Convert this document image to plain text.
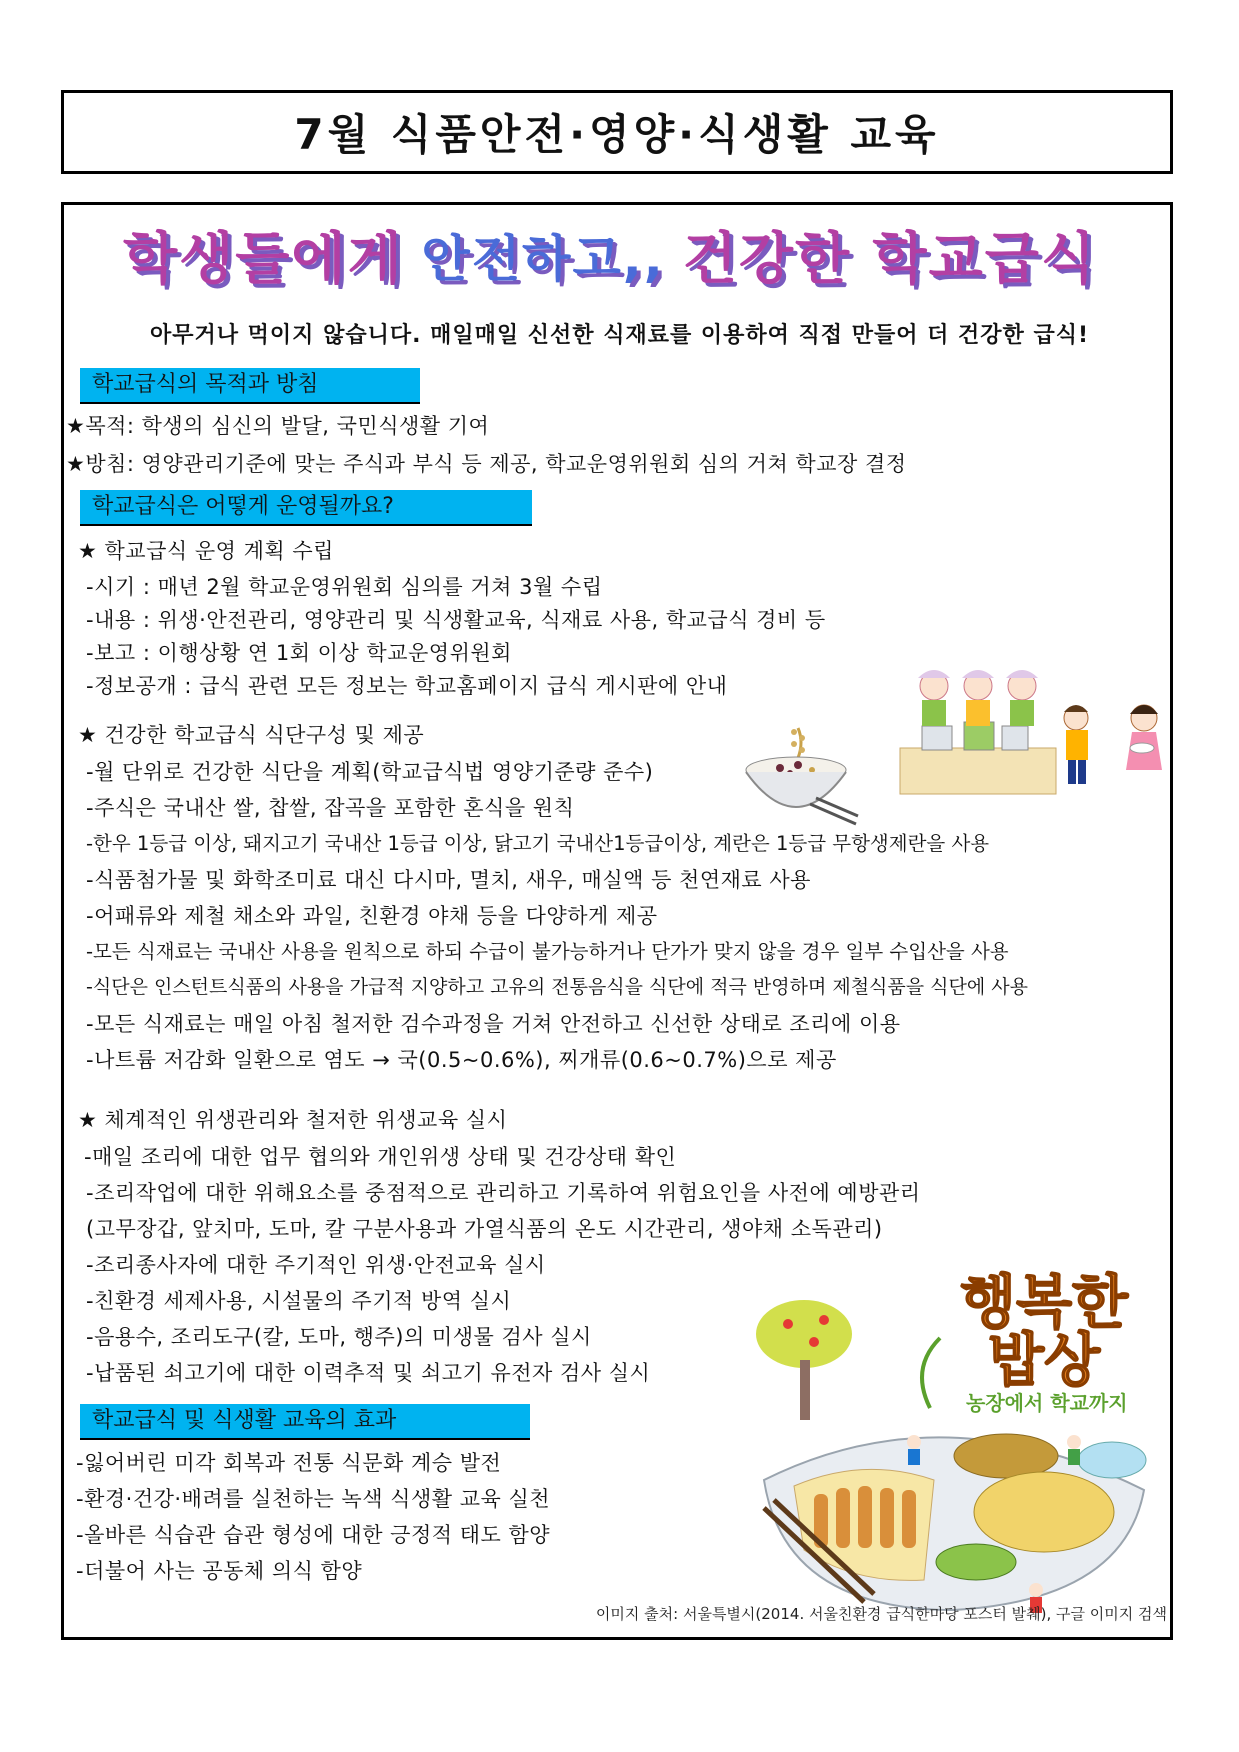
7월 식품안전·영양·식생활 교육
학생들에게 안전하고,, 건강한 학교급식
아무거나 먹이지 않습니다. 매일매일 신선한 식재료를 이용하여 직접 만들어 더 건강한 급식!
학교급식의 목적과 방침
★목적: 학생의 심신의 발달, 국민식생활 기여
★방침: 영양관리기준에 맞는 주식과 부식 등 제공, 학교운영위원회 심의 거쳐 학교장 결정
학교급식은 어떻게 운영될까요?
★ 학교급식 운영 계획 수립
-시기 : 매년 2월 학교운영위원회 심의를 거쳐 3월 수립
-내용 : 위생·안전관리, 영양관리 및 식생활교육, 식재료 사용, 학교급식 경비 등
-보고 : 이행상황 연 1회 이상 학교운영위원회
-정보공개 : 급식 관련 모든 정보는 학교홈페이지 급식 게시판에 안내
★ 건강한 학교급식 식단구성 및 제공
-월 단위로 건강한 식단을 계획(학교급식법 영양기준량 준수)
-주식은 국내산 쌀, 찹쌀, 잡곡을 포함한 혼식을 원칙
-한우 1등급 이상, 돼지고기 국내산 1등급 이상, 닭고기 국내산1등급이상, 계란은 1등급 무항생제란을 사용
-식품첨가물 및 화학조미료 대신 다시마, 멸치, 새우, 매실액 등 천연재료 사용
-어패류와 제철 채소와 과일, 친환경 야채 등을 다양하게 제공
-모든 식재료는 국내산 사용을 원칙으로 하되 수급이 불가능하거나 단가가 맞지 않을 경우 일부 수입산을 사용
-식단은 인스턴트식품의 사용을 가급적 지양하고 고유의 전통음식을 식단에 적극 반영하며 제철식품을 식단에 사용
-모든 식재료는 매일 아침 철저한 검수과정을 거쳐 안전하고 신선한 상태로 조리에 이용
-나트륨 저감화 일환으로 염도 → 국(0.5~0.6%), 찌개류(0.6~0.7%)으로 제공
★ 체계적인 위생관리와 철저한 위생교육 실시
-매일 조리에 대한 업무 협의와 개인위생 상태 및 건강상태 확인
-조리작업에 대한 위해요소를 중점적으로 관리하고 기록하여 위험요인을 사전에 예방관리
(고무장갑, 앞치마, 도마, 칼 구분사용과 가열식품의 온도 시간관리, 생야채 소독관리)
-조리종사자에 대한 주기적인 위생·안전교육 실시
-친환경 세제사용, 시설물의 주기적 방역 실시
-음용수, 조리도구(칼, 도마, 행주)의 미생물 검사 실시
-납품된 쇠고기에 대한 이력추적 및 쇠고기 유전자 검사 실시
학교급식 및 식생활 교육의 효과
-잃어버린 미각 회복과 전통 식문화 계승 발전
-환경·건강·배려를 실천하는 녹색 식생활 교육 실천
-올바른 식습관 습관 형성에 대한 긍정적 태도 함양
-더불어 사는 공동체 의식 함양
행복한
밥상
농장에서 학교까지
이미지 출처: 서울특별시(2014. 서울친환경 급식한마당 포스터 발췌), 구글 이미지 검색
